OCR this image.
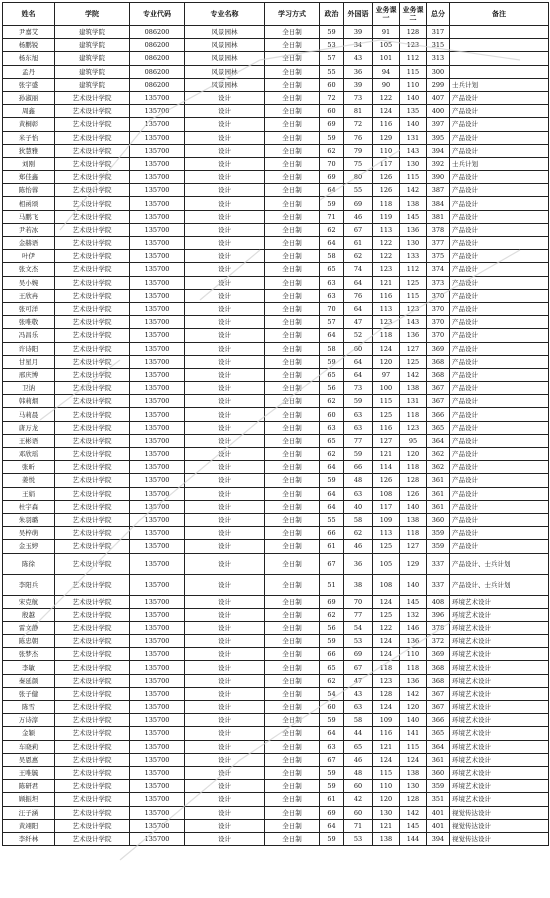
姓名	学院	专业代码	专业名称	学习方式	政治	外国语	业务课一	业务课二	总分	备注
尹嘉艾	建筑学院	086200	风景园林	全日制	59	39	91	128	317	
杨鹏锐	建筑学院	086200	风景园林	全日制	53	34	105	123	315	
杨东旭	建筑学院	086200	风景园林	全日制	57	43	101	112	313	
孟丹	建筑学院	086200	风景园林	全日制	55	36	94	115	300	
张宇盛	建筑学院	086200	风景园林	全日制	60	39	90	110	299	士兵计划
孙淑丽	艺术设计学院	135700	设计	全日制	72	73	122	140	407	产品设计
周鑫	艺术设计学院	135700	设计	全日制	60	81	124	135	400	产品设计
黄桐彰	艺术设计学院	135700	设计	全日制	69	72	116	140	397	产品设计
米子怡	艺术设计学院	135700	设计	全日制	59	76	129	131	395	产品设计
狄慧雅	艺术设计学院	135700	设计	全日制	62	79	110	143	394	产品设计
刘刚	艺术设计学院	135700	设计	全日制	70	75	117	130	392	士兵计划
郑佳鑫	艺术设计学院	135700	设计	全日制	69	80	126	115	390	产品设计
陈怡蓉	艺术设计学院	135700	设计	全日制	64	55	126	142	387	产品设计
相函颂	艺术设计学院	135700	设计	全日制	59	69	118	138	384	产品设计
马鹏飞	艺术设计学院	135700	设计	全日制	71	46	119	145	381	产品设计
尹若冰	艺术设计学院	135700	设计	全日制	62	67	113	136	378	产品设计
金赫语	艺术设计学院	135700	设计	全日制	64	61	122	130	377	产品设计
叶伊	艺术设计学院	135700	设计	全日制	58	62	122	133	375	产品设计
张文杰	艺术设计学院	135700	设计	全日制	65	74	123	112	374	产品设计
吴小婉	艺术设计学院	135700	设计	全日制	63	64	121	125	373	产品设计
王欣冉	艺术设计学院	135700	设计	全日制	63	76	116	115	370	产品设计
张可洋	艺术设计学院	135700	设计	全日制	70	64	113	123	370	产品设计
张唯敬	艺术设计学院	135700	设计	全日制	57	47	123	143	370	产品设计
冯昌乐	艺术设计学院	135700	设计	全日制	64	52	118	136	370	产品设计
许诗阳	艺术设计学院	135700	设计	全日制	58	60	124	127	369	产品设计
甘星月	艺术设计学院	135700	设计	全日制	59	64	120	125	368	产品设计
邢庆博	艺术设计学院	135700	设计	全日制	65	64	97	142	368	产品设计
卫讷	艺术设计学院	135700	设计	全日制	56	73	100	138	367	产品设计
韩莉烟	艺术设计学院	135700	设计	全日制	62	59	115	131	367	产品设计
马莉晨	艺术设计学院	135700	设计	全日制	60	63	125	118	366	产品设计
唐万龙	艺术设计学院	135700	设计	全日制	63	63	116	123	365	产品设计
王彬语	艺术设计学院	135700	设计	全日制	65	77	127	95	364	产品设计
邓欣瑶	艺术设计学院	135700	设计	全日制	62	59	121	120	362	产品设计
张昕	艺术设计学院	135700	设计	全日制	64	66	114	118	362	产品设计
姜悦	艺术设计学院	135700	设计	全日制	59	48	126	128	361	产品设计
王娟	艺术设计学院	135700	设计	全日制	64	63	108	126	361	产品设计
杜宇森	艺术设计学院	135700	设计	全日制	64	40	117	140	361	产品设计
朱羽璐	艺术设计学院	135700	设计	全日制	55	58	109	138	360	产品设计
吴梓萌	艺术设计学院	135700	设计	全日制	66	62	113	118	359	产品设计
金玉婷	艺术设计学院	135700	设计	全日制	61	46	125	127	359	产品设计
陈徐	艺术设计学院	135700	设计	全日制	67	36	105	129	337	产品设计、士兵计划
李阳兵	艺术设计学院	135700	设计	全日制	51	38	108	140	337	产品设计、士兵计划
宋克航	艺术设计学院	135700	设计	全日制	69	70	124	145	408	环境艺术设计
殷越	艺术设计学院	135700	设计	全日制	62	77	125	132	396	环境艺术设计
雷文静	艺术设计学院	135700	设计	全日制	56	54	122	146	378	环境艺术设计
陈忠朝	艺术设计学院	135700	设计	全日制	59	53	124	136	372	环境艺术设计
张梦杰	艺术设计学院	135700	设计	全日制	66	69	124	110	369	环境艺术设计
李敏	艺术设计学院	135700	设计	全日制	65	67	118	118	368	环境艺术设计
秦延颜	艺术设计学院	135700	设计	全日制	62	47	123	136	368	环境艺术设计
张子健	艺术设计学院	135700	设计	全日制	54	43	128	142	367	环境艺术设计
陈雪	艺术设计学院	135700	设计	全日制	60	63	124	120	367	环境艺术设计
万诗淳	艺术设计学院	135700	设计	全日制	59	58	109	140	366	环境艺术设计
金颖	艺术设计学院	135700	设计	全日制	64	44	116	141	365	环境艺术设计
车晓莉	艺术设计学院	135700	设计	全日制	63	65	121	115	364	环境艺术设计
吴恩惠	艺术设计学院	135700	设计	全日制	67	46	124	124	361	环境艺术设计
王唯毓	艺术设计学院	135700	设计	全日制	59	48	115	138	360	环境艺术设计
陈研君	艺术设计学院	135700	设计	全日制	59	60	110	130	359	环境艺术设计
顾振坦	艺术设计学院	135700	设计	全日制	61	42	120	128	351	环境艺术设计
汪子涵	艺术设计学院	135700	设计	全日制	69	60	130	142	401	视觉传达设计
黄翊阳	艺术设计学院	135700	设计	全日制	64	71	121	145	401	视觉传达设计
李纤林	艺术设计学院	135700	设计	全日制	59	53	138	144	394	视觉传达设计
